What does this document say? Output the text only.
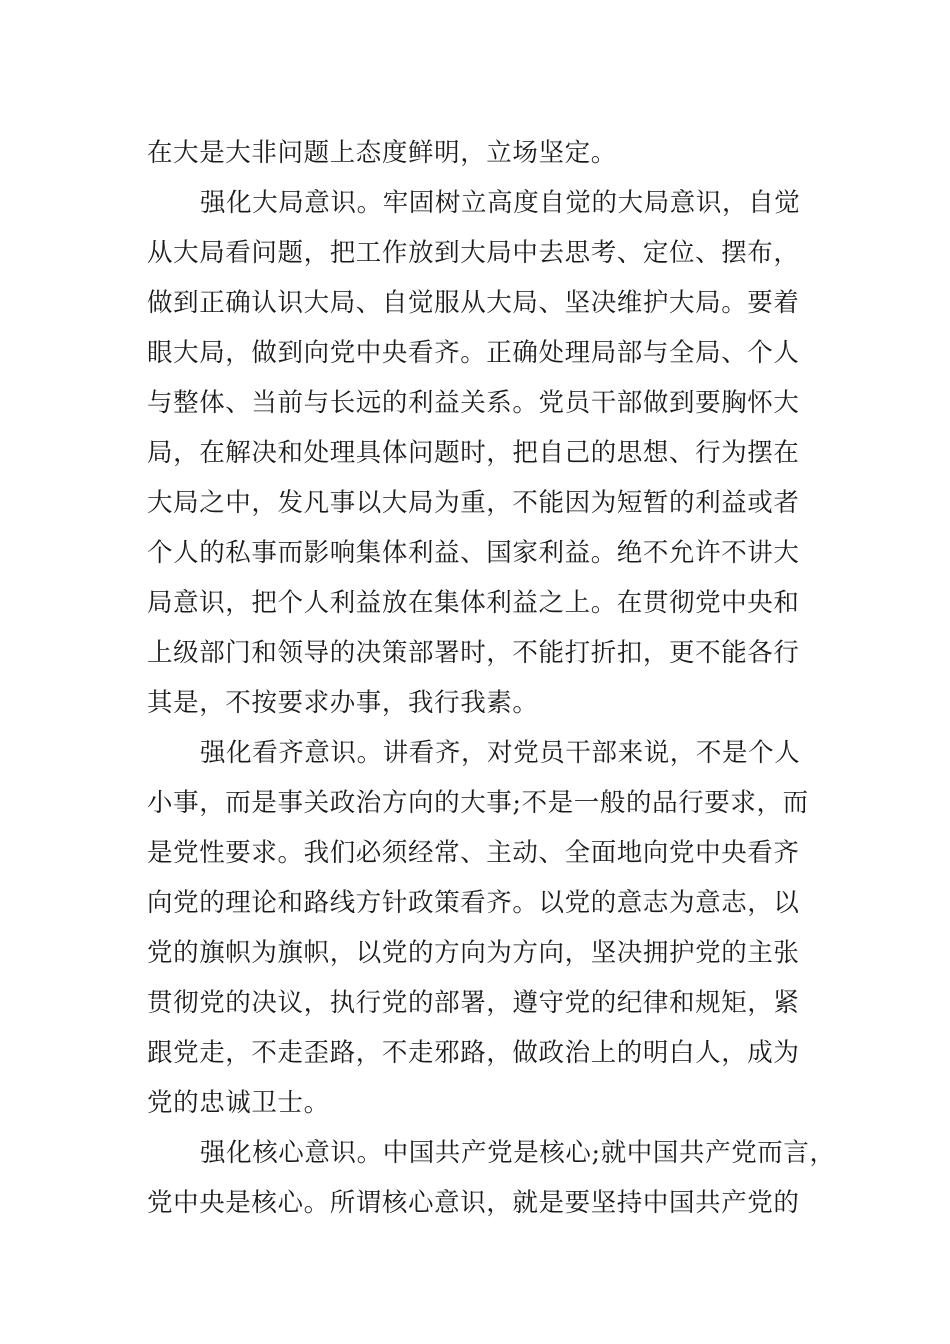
在大是大非问题上态度鲜明，立场坚定。
强化大局意识。牢固树立高度自觉的大局意识，自觉
从大局看问题，把工作放到大局中去思考、定位、摆布，
做到正确认识大局、自觉服从大局、坚决维护大局。要着
眼大局，做到向党中央看齐。正确处理局部与全局、个人
与整体、当前与长远的利益关系。党员干部做到要胸怀大
局，在解决和处理具体问题时，把自己的思想、行为摆在
大局之中，发凡事以大局为重，不能因为短暂的利益或者
个人的私事而影响集体利益、国家利益。绝不允许不讲大
局意识，把个人利益放在集体利益之上。在贯彻党中央和
上级部门和领导的决策部署时，不能打折扣，更不能各行
其是，不按要求办事，我行我素。
强化看齐意识。讲看齐，对党员干部来说，不是个人
小事，而是事关政治方向的大事;不是一般的品行要求，而
是党性要求。我们必须经常、主动、全面地向党中央看齐
向党的理论和路线方针政策看齐。以党的意志为意志，以
党的旗帜为旗帜，以党的方向为方向，坚决拥护党的主张
贯彻党的决议，执行党的部署，遵守党的纪律和规矩，紧
跟党走，不走歪路，不走邪路，做政治上的明白人，成为
党的忠诚卫士。
强化核心意识。中国共产党是核心;就中国共产党而言，
党中央是核心。所谓核心意识，就是要坚持中国共产党的
